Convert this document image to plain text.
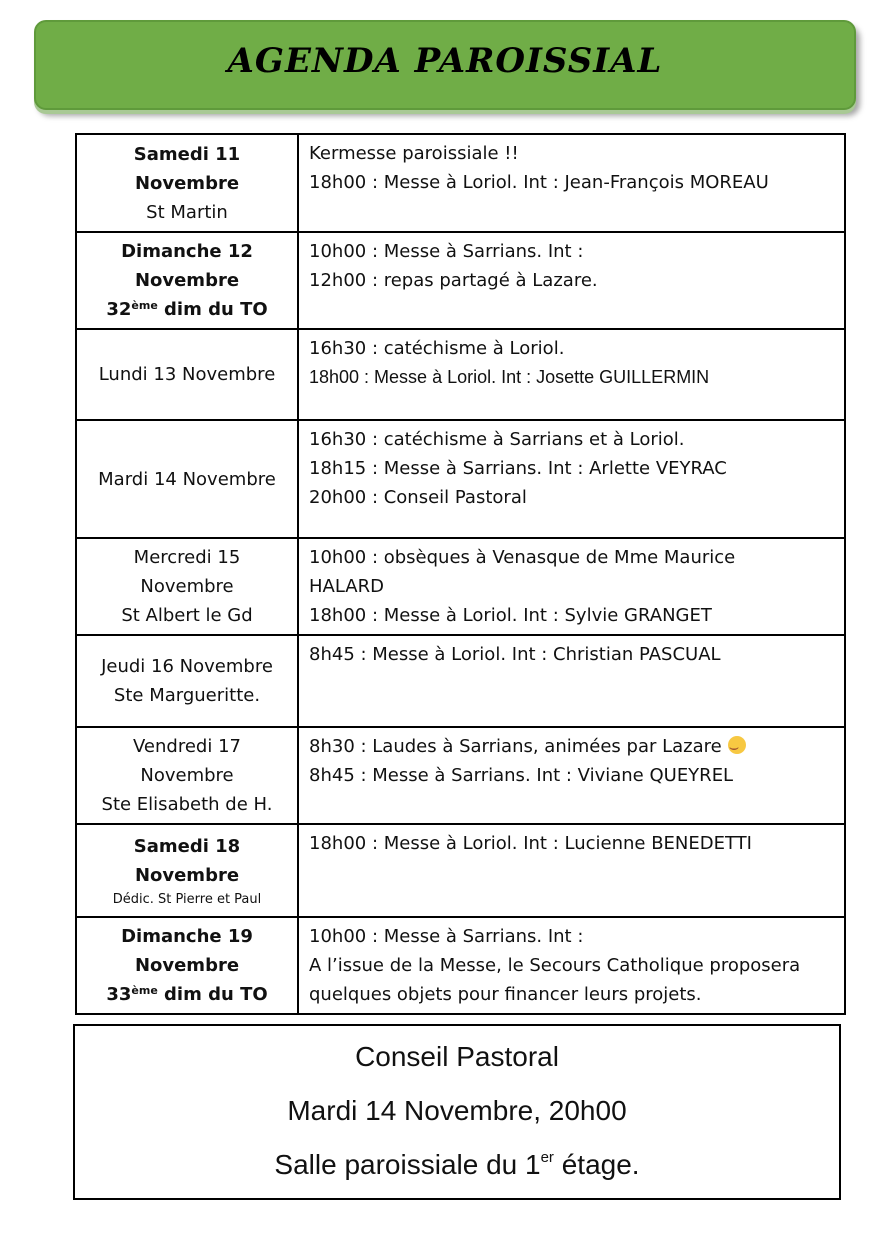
AGENDA PAROISSIAL
Samedi 11
Novembre
St Martin	Kermesse paroissiale !!
18h00 : Messe à Loriol. Int : Jean-François MOREAU

Dimanche 12
Novembre
32ème dim du TO	10h00 : Messe à Sarrians. Int :
12h00 : repas partagé à Lazare.

Lundi 13 Novembre	16h30 : catéchisme à Loriol.
18h00 : Messe à Loriol. Int : Josette GUILLERMIN

Mardi 14 Novembre	16h30 : catéchisme à Sarrians et à Loriol.
18h15 : Messe à Sarrians. Int : Arlette VEYRAC
20h00 : Conseil Pastoral

Mercredi 15
Novembre
St Albert le Gd	10h00 : obsèques à Venasque de Mme Maurice
HALARD
18h00 : Messe à Loriol. Int : Sylvie GRANGET

Jeudi 16 Novembre
Ste Margueritte.	8h45 : Messe à Loriol. Int : Christian PASCUAL

Vendredi 17
Novembre
Ste Elisabeth de H.	8h30 : Laudes à Sarrians, animées par Lazare⌣
8h45 : Messe à Sarrians. Int : Viviane QUEYREL

Samedi 18
Novembre
Dédic. St Pierre et Paul	18h00 : Messe à Loriol. Int : Lucienne BENEDETTI

Dimanche 19
Novembre
33ème dim du TO	10h00 : Messe à Sarrians. Int :
A l’issue de la Messe, le Secours Catholique proposera
quelques objets pour financer leurs projets.
Conseil Pastoral
Mardi 14 Novembre, 20h00
Salle paroissiale du 1er étage.
